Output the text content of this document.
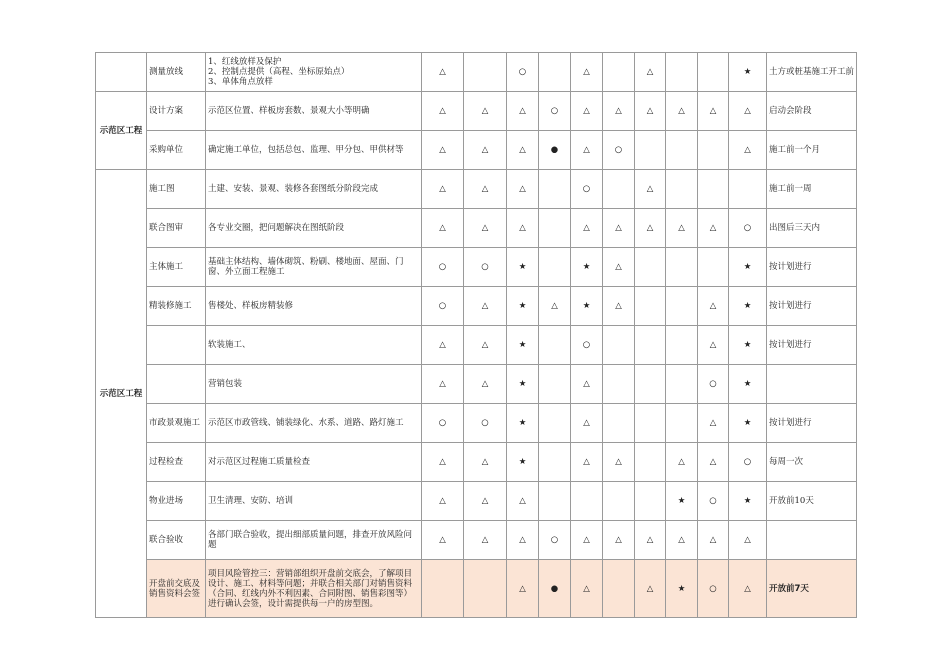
	测量放线	1、红线放样及保护
2、控制点提供（高程、坐标原始点）
3、单体角点放样	△		○		△		△			★	土方或桩基施工开工前
示范区工程	设计方案	示范区位置、样板房套数、景观大小等明确	△	△	△	○	△	△	△	△	△	△	启动会阶段
	采购单位	确定施工单位，包括总包、监理、甲分包、甲供材等	△	△	△	●	△	○				△	施工前一个月
示范区工程	施工图	土建、安装、景观、装修各套图纸分阶段完成	△	△	△		○		△				施工前一周
	联合图审	各专业交圈，把问题解决在图纸阶段	△	△	△		△	△	△	△	△	○	出图后三天内
	主体施工	基础主体结构、墙体砌筑、粉刷、楼地面、屋面、门窗、外立面工程施工	○	○	★		★	△				★	按计划进行
	精装修施工	售楼处、样板房精装修	○	△	★	△	★	△			△	★	按计划进行

		软装施工、	△	△	★		○				△	★	按计划进行

		营销包装	△	△	★		△				○	★	
	市政景观施工	示范区市政管线、铺装绿化、水系、道路、路灯施工	○	○	★		△				△	★	按计划进行
	过程检查	对示范区过程施工质量检查	△	△	★		△	△		△	△	○	每周一次
	物业进场	卫生清理、安防、培训	△	△	△					★	○	★	开放前10天
	联合验收	各部门联合验收，提出细部质量问题，排查开放风险问题	△	△	△	○	△	△	△	△	△	△	
	开盘前交底及销售资料会签	项目风险管控三：营销部组织开盘前交底会，了解项目设计、施工、材料等问题；并联合相关部门对销售资料（合同、红线内外不利因素、合同附图、销售彩图等）进行确认会签，设计需提供每一户的房型图。			△	●	△		△	★	○	△	开放前7天
